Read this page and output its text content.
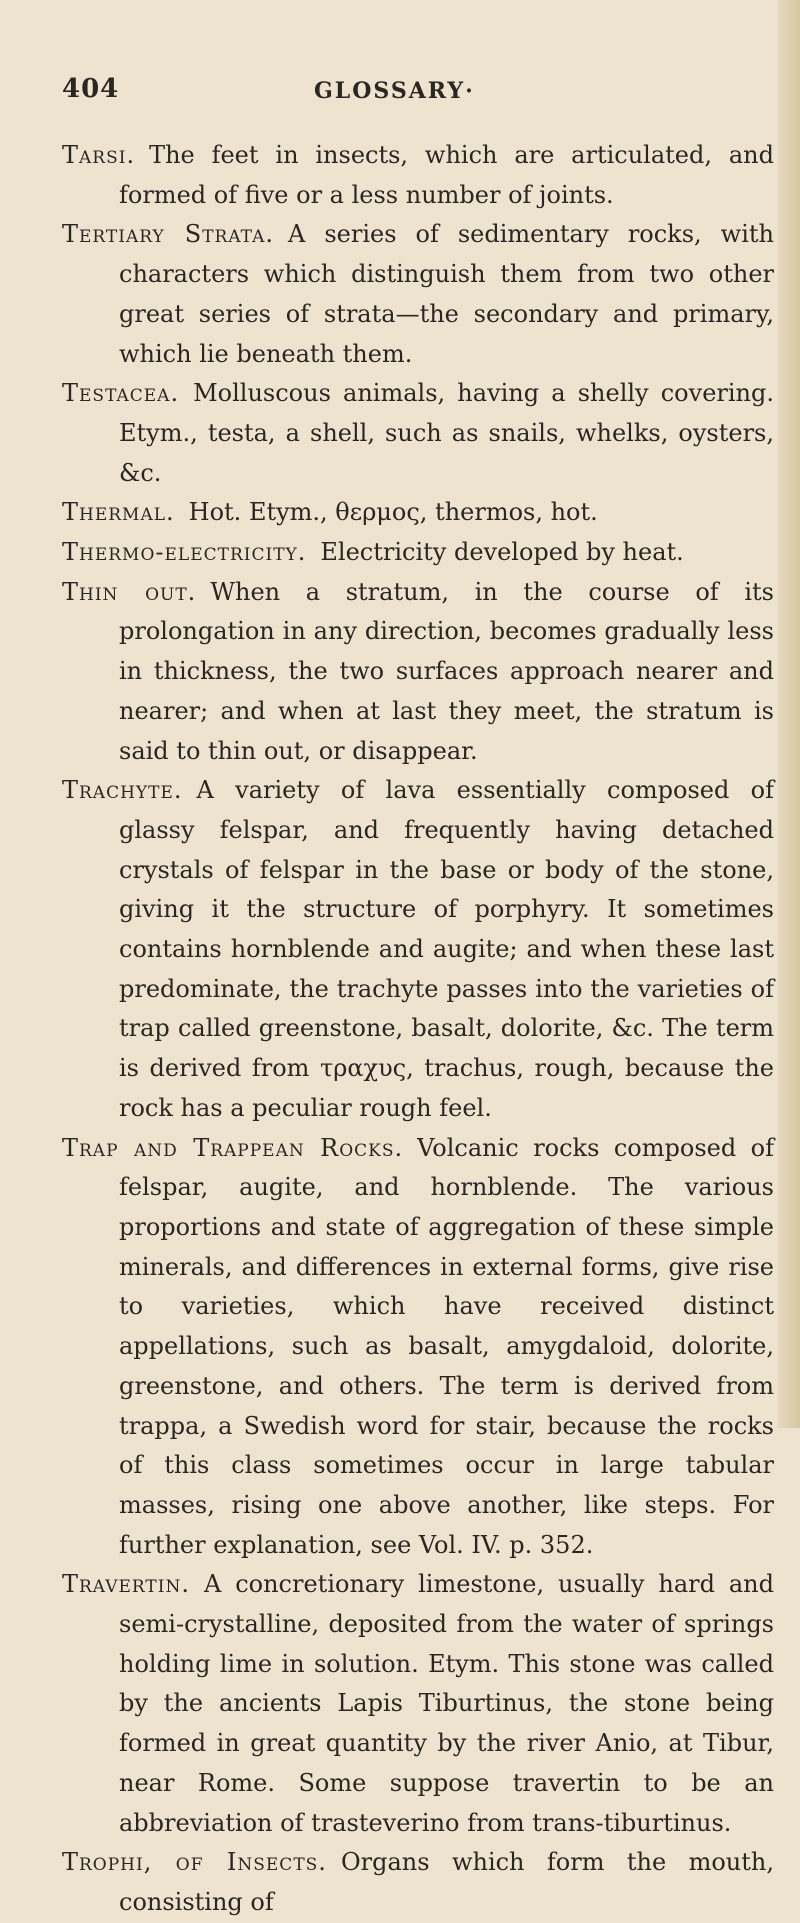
404	GLOSSARY·

Tarsi. The feet in insects, which are articulated, and formed of five or a less number of joints.

Tertiary Strata. A series of sedimentary rocks, with characters which distinguish them from two other great series of strata—the secondary and primary, which lie beneath them.

Testacea. Molluscous animals, having a shelly covering. Etym., testa, a shell, such as snails, whelks, oysters, &c.

Thermal. Hot. Etym., θερμος, thermos, hot.

Thermo-electricity. Electricity developed by heat.

Thin out. When a stratum, in the course of its prolongation in any direction, becomes gradually less in thickness, the two surfaces approach nearer and nearer; and when at last they meet, the stratum is said to thin out, or disappear.

Trachyte. A variety of lava essentially composed of glassy felspar, and frequently having detached crystals of felspar in the base or body of the stone, giving it the structure of porphyry. It sometimes contains hornblende and augite; and when these last predominate, the trachyte passes into the varieties of trap called greenstone, basalt, dolorite, &c. The term is derived from τραχυς, trachus, rough, because the rock has a peculiar rough feel.

Trap and Trappean Rocks. Volcanic rocks composed of felspar, augite, and hornblende. The various proportions and state of aggregation of these simple minerals, and differences in external forms, give rise to varieties, which have received distinct appellations, such as basalt, amygdaloid, dolorite, greenstone, and others. The term is derived from trappa, a Swedish word for stair, because the rocks of this class sometimes occur in large tabular masses, rising one above another, like steps. For further explanation, see Vol. IV. p. 352.

Travertin. A concretionary limestone, usually hard and semi-crystalline, deposited from the water of springs holding lime in solution. Etym. This stone was called by the ancients Lapis Tiburtinus, the stone being formed in great quantity by the river Anio, at Tibur, near Rome. Some suppose travertin to be an abbreviation of trasteverino from trans-tiburtinus.

Trophi, of Insects. Organs which form the mouth, consisting of
